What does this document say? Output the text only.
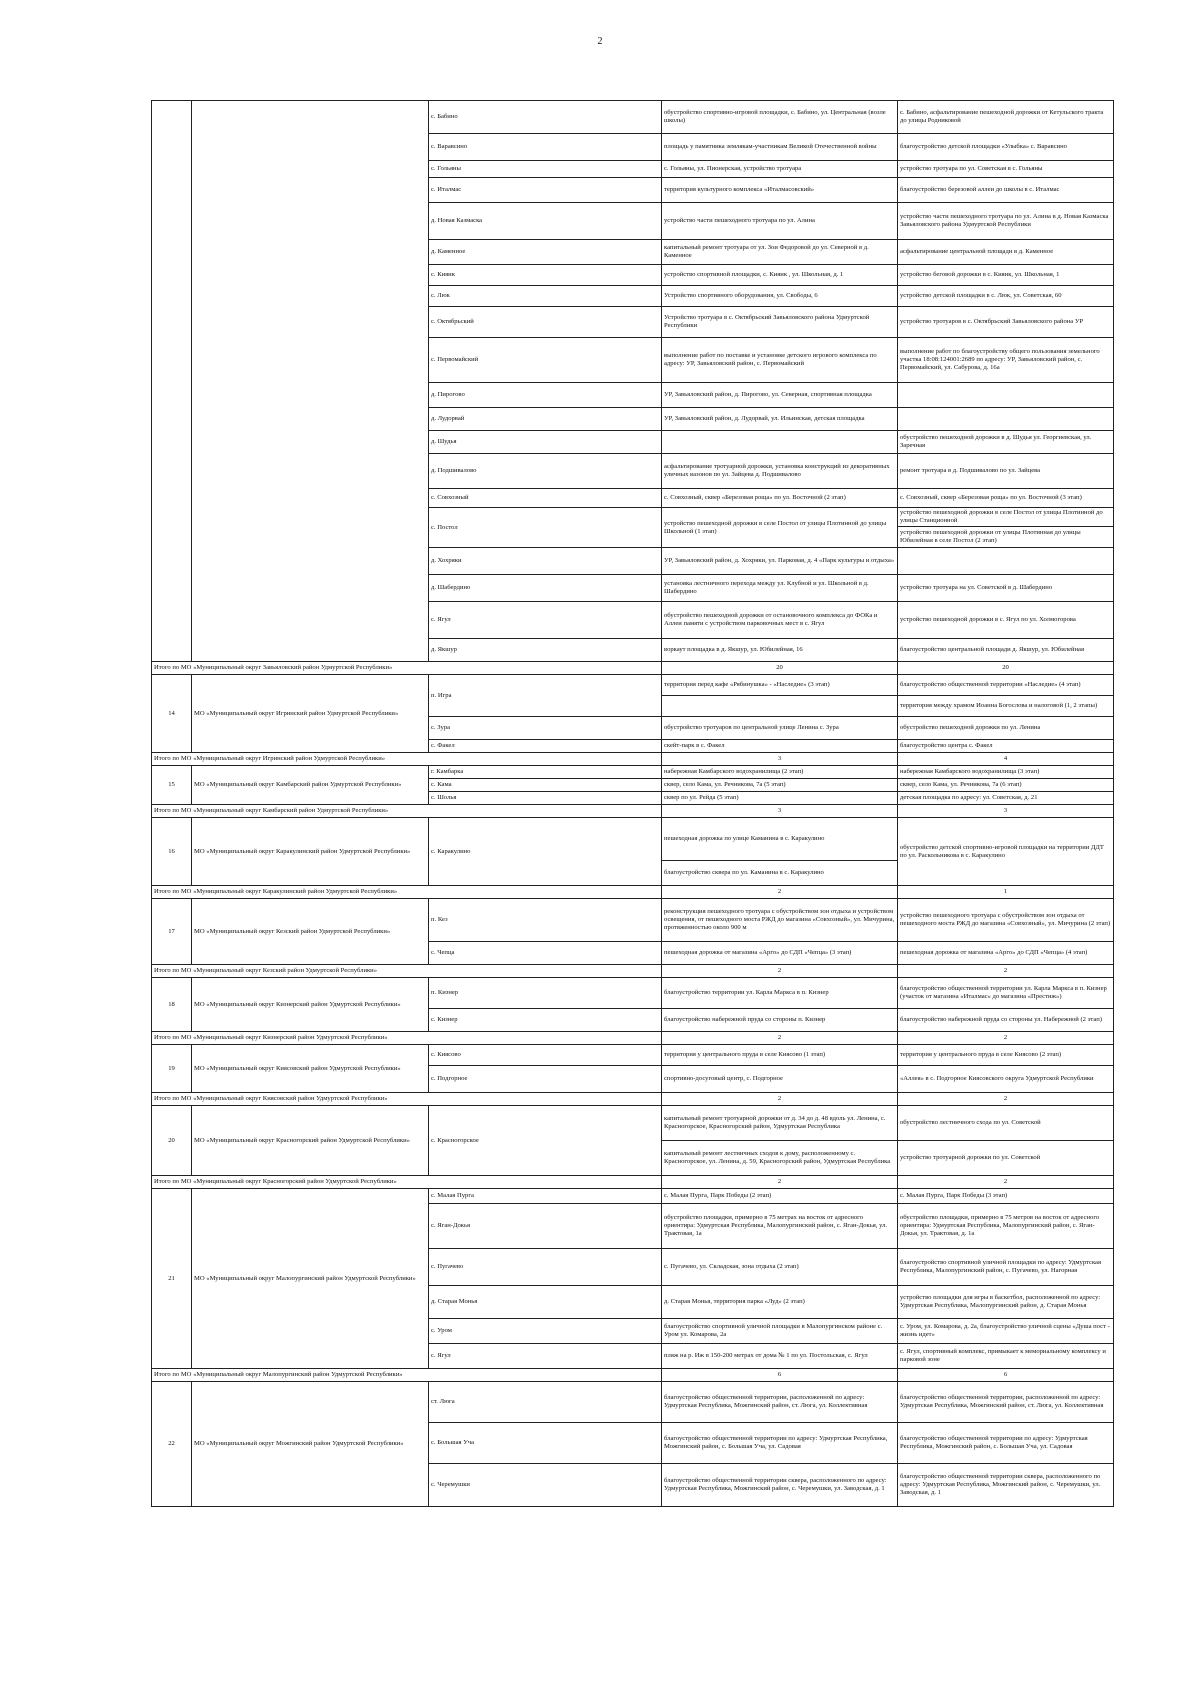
2
		с. Бабино	обустройство спортивно-игровой площадки, с. Бабино, ул. Центральная (возле школы)	с. Бабино, асфальтирование пешеходной дорожки от Кетульского тракта до улицы Родниковой
		с. Варавсино	площадь у памятника землякам-участникам Великой Отечественной войны	благоустройство детской площадки «Улыбка» с. Варавсино
		с. Гольяны	с. Гольяны, ул. Пионерская, устройство тротуара	устройство тротуара по ул. Советская в с. Гольяны
		с. Италмас	территория культурного комплекса «Италмасовский»	благоустройство березовой аллеи до школы в с. Италмас
		д. Новая Казмаска	устройство части пешеходного тротуара по ул. Алина	устройство части пешеходного тротуара по ул. Алина в д. Новая Казмаска Завьяловского района Удмуртской Республики
		д. Каменное	капитальный ремонт тротуара от ул. Зои Федоровой до ул. Северной в д. Каменное	асфальтирование центральной площади в д. Каменное
		с. Кияик	устройство спортивной площадки, с. Кияик , ул. Школьная, д. 1	устройство беговой дорожки в с. Кияик, ул. Школьная, 1
		с. Люк	Устройство спортивного оборудования, ул. Свободы, 6	устройство детской площадки в с. Люк, ул. Советская, 60
		с. Октябрьский	Устройство тротуара в с. Октябрьский Завьяловского района Удмуртской Республики	устройство тротуаров в с. Октябрьский Завьяловского района УР
		с. Первомайский	выполнение работ по поставке и установке детского игрового комплекса по адресу: УР, Завьяловский район, с. Первомайский	выполнение работ по благоустройству общего пользования земельного участка 18:08:124001:2689 по адресу: УР, Завьяловский район, с. Первомайский, ул. Сабурова, д. 16а
		д. Пирогово	УР, Завьяловский район, д. Пирогово, ул. Северная, спортивная площадка	
		д. Лудорвай	УР, Завьяловский район, д. Лудорвай, ул. Ильинская, детская площадка	
		д. Шудья		обустройство пешеходной дорожки в д. Шудья ул. Георгиевская, ул. Заречная
		д. Подшивалово	асфальтирование тротуарной дорожки, установка конструкций из декоративных уличных вазонов по ул. Зайцева д. Подшивалово	ремонт тротуара в д. Подшивалово по ул. Зайцева
		с. Совхозный	с. Совхозный, сквер «Березовая роща» по ул. Восточной (2 этап)	с. Совхозный, сквер «Березовая роща» по ул. Восточной (3 этап)
		с. Постол	устройство пешеходной дорожки в селе Постол от улицы Плотинной до улицы Школьной (1 этап)	устройство пешеходной дорожки в селе Постол от улицы Плотинной до улицы Станционной
				устройство пешеходной дорожки от улицы Плотинная до улицы Юбилейная в селе Постол (2 этап)
		д. Хохряки	УР, Завьяловский район, д. Хохряки, ул. Парковая, д. 4 «Парк культуры и отдыха»	
		д. Шабердино	установка лестничного перехода между ул. Клубной и ул. Школьной в д. Шабердино	устройство тротуара на ул. Советской в д. Шабердино
		с. Ягул	обустройство пешеходной дорожки от остановочного комплекса до ФОКа и Аллеи памяти с устройством парковочных мест в с. Ягул	устройство пешеходной дорожки в с. Ягул по ул. Холмогорова
		д. Якшур	воркаут площадка в д. Якшур, ул. Юбилейная, 16	благоустройство центральной площади д. Якшур, ул. Юбилейная
Итого по МО «Муниципальный округ Завьяловский район Удмуртской Республики»			20	20
14	МО «Муниципальный округ Игринский район Удмуртской Республики»	п. Игра	территория перед кафе «Рябинушка» - «Наследие» (3 этап)	благоустройство общественной территории «Наследие» (4 этап)
				территория между храмом Иоанна Богослова и налоговой (1, 2 этапы)
		с. Зура	обустройство тротуаров по центральной улице Ленина с. Зура	обустройство пешеходной дорожки по ул. Ленина
		с. Факел	скейт-парк в с. Факел	благоустройство центра с. Факел
Итого по МО «Муниципальный округ Игринский район Удмуртской Республики»			3	4
15	МО «Муниципальный округ Камбарский район Удмуртской Республики»	г. Камбарка	набережная Камбарского водохранилища (2 этап)	набережная Камбарского водохранилища (3 этап)
		с. Кама	сквер, село Кама, ул. Речникова, 7а (5 этап)	сквер, село Кама, ул. Речникова, 7а (6 этап)
		с. Шолья	сквер по ул. Рейда (5 этап)	детская площадка по адресу: ул. Советская, д. 21
Итого по МО «Муниципальный округ Камбарский район Удмуртской Республики»			3	3
16	МО «Муниципальный округ Каракулинский район Удмуртской Республики»	с. Каракулино	пешеходная дорожка по улице Каманина в с. Каракулино	обустройство детской спортивно-игровой площадки на территории ДДТ по ул. Раскольникова в с. Каракулино
			благоустройство сквера по ул. Каманина в с. Каракулино	
Итого по МО «Муниципальный округ Каракулинский район Удмуртской Республики»			2	1
17	МО «Муниципальный округ Кезский район Удмуртской Республики»	п. Кез	реконструкция пешеходного тротуара с обустройством зон отдыха и устройством освещения, от пешеходного моста РЖД до магазина «Совхозный», ул. Мичурина, протяженностью около 900 м	устройство пешеходного тротуара с обустройством зон отдыха от пешеходного моста РЖД до магазина «Совхозный», ул. Мичурина (2 этап)
		с. Чепца	пешеходная дорожка от магазина «Арго» до СДП «Чепца» (3 этап)	пешеходная дорожка от магазина «Арго» до СДП «Чепца» (4 этап)
Итого по МО «Муниципальный округ Кезский район Удмуртской Республики»			2	2
18	МО «Муниципальный округ Кизнерский район Удмуртской Республики»	п. Кизнер	благоустройство территории ул. Карла Маркса в п. Кизнер	благоустройство общественной территории ул. Карла Маркса в п. Кизнер (участок от магазина «Италмас» до магазина «Престиж»)
		с. Кизнер	благоустройство набережной пруда со стороны п. Кизнер	благоустройство набережной пруда со стороны ул. Набережной (2 этап)
Итого по МО «Муниципальный округ Кизнерский район Удмуртской Республики»			2	2
19	МО «Муниципальный округ Киясовский район Удмуртской Республики»	с. Киясово	территория у центрального пруда в селе Киясово (1 этап)	территория у центрального пруда в селе Киясово (2 этап)
		с. Подгорное	спортивно-досуговый центр, с. Подгорное	«Аллея» в с. Подгорное Киясовского округа Удмуртской Республики
Итого по МО «Муниципальный округ Киясовский район Удмуртской Республики»			2	2
20	МО «Муниципальный округ Красногорский район Удмуртской Республики»	с. Красногорское	капитальный ремонт тротуарной дорожки от д. 34 до д. 48 вдоль ул. Ленина, с. Красногорское, Красногорский район, Удмуртская Республика	обустройство лестничного схода по ул. Советской
			капитальный ремонт лестничных сходов к дому, расположенному с. Красногорское, ул. Ленина, д. 59, Красногорский район, Удмуртская Республика	устройство тротуарной дорожки по ул. Советской
Итого по МО «Муниципальный округ Красногорский район Удмуртской Республики»			2	2
21	МО «Муниципальный округ Малопургинский район Удмуртской Республики»	с. Малая Пурга	с. Малая Пурга, Парк Победы (2 этап)	с. Малая Пурга, Парк Победы (3 этап)
		с. Яган-Докья	обустройство площадки, примерно в 75 метрах на восток от адресного ориентира: Удмуртская Республика, Малопургинский район, с. Яган-Докья, ул. Трактовая, 1а	обустройство площадки, примерно в 75 метров на восток от адресного ориентира: Удмуртская Республика, Малопургинский район, с. Яган-Докья, ул. Трактовая, д. 1а
		с. Пугачево	с. Пугачево, ул. Складская, зона отдыха (2 этап)	благоустройство спортивной уличной площадки по адресу: Удмуртская Республика, Малопургинский район, с. Пугачево, ул. Нагорная
		д. Старая Монья	д. Старая Монья, территория парка «Луд» (2 этап)	устройство площадки для игры в баскетбол, расположенной по адресу: Удмуртская Республика, Малопургинский район, д. Старая Монья
		с. Уром	благоустройство спортивной уличной площадки в Малопургинском районе с. Уром ул. Комарова, 2а	с. Уром, ул. Комарова, д. 2а, благоустройство уличной сцены «Душа пост - жизнь идет»
		с. Ягул	пляж на р. Иж в 150-200 метрах от дома № 1 по ул. Постольская, с. Ягул	с. Ягул, спортивный комплекс, примыкает к мемориальному комплексу и парковой зоне
Итого по МО «Муниципальный округ Малопургинский район Удмуртской Республики»			6	6
22	МО «Муниципальный округ Можгинский район Удмуртской Республики»	ст. Люга	благоустройство общественной территории, расположенной по адресу: Удмуртская Республика, Можгинский район, ст. Люга, ул. Коллективная	благоустройство общественной территории, расположенной по адресу: Удмуртская Республика, Можгинский район, ст. Люга, ул. Коллективная
		с. Большая Уча	благоустройство общественной территории по адресу: Удмуртская Республика, Можгинский район, с. Большая Уча, ул. Садовая	благоустройство общественной территории по адресу: Удмуртская Республика, Можгинский район, с. Большая Уча, ул. Садовая
		с. Черемушки	благоустройство общественной территории сквера, расположенного по адресу: Удмуртская Республика, Можгинский район, с. Черемушки, ул. Заводская, д. 1	благоустройство общественной территории сквера, расположенного по адресу: Удмуртская Республика, Можгинский район, с. Черемушки, ул. Заводская, д. 1
